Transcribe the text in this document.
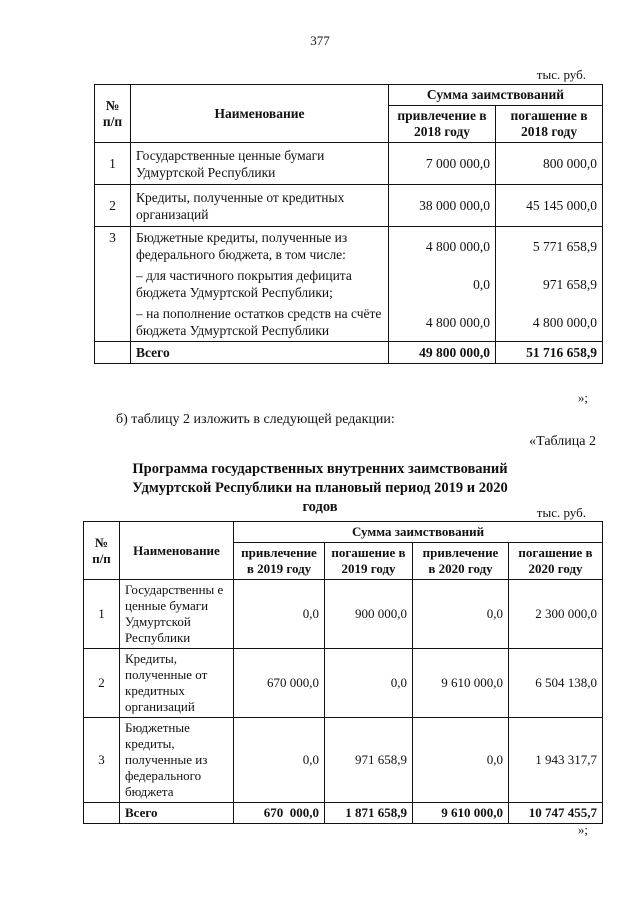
377
тыс. руб.
№
п/п	Наименование	Сумма заимствований	
		привлечение в 2018 году	погашение в 2018 году
1	Государственные ценные бумаги Удмуртской Республики	7 000 000,0	800 000,0
2	Кредиты, полученные от кредитных организаций	38 000 000,0	45 145 000,0
3	Бюджетные кредиты, полученные из федерального бюджета, в том числе:	4 800 000,0	5 771 658,9
	– для частичного покрытия дефицита бюджета Удмуртской Республики;	0,0	971 658,9
	– на пополнение остатков средств на счёте бюджета Удмуртской Республики	4 800 000,0	4 800 000,0
	Всего	49 800 000,0	51 716 658,9
»;
б) таблицу 2 изложить в следующей редакции:
«Таблица 2
Программа государственных внутренних заимствований Удмуртской Республики на плановый период 2019 и 2020 годов	тыс. руб.
№
п/п	Наименование	Сумма заимствований			
		привлечение в 2019 году	погашение в 2019 году	привлечение в 2020 году	погашение в 2020 году
1	Государственны е ценные бумаги Удмуртской Республики	0,0	900 000,0	0,0	2 300 000,0
2	Кредиты, полученные от кредитных организаций	670 000,0	0,0	9 610 000,0	6 504 138,0
3	Бюджетные кредиты, полученные из федерального бюджета	0,0	971 658,9	0,0	1 943 317,7
	Всего	670  000,0	1 871 658,9	9 610 000,0	10 747 455,7
»;
